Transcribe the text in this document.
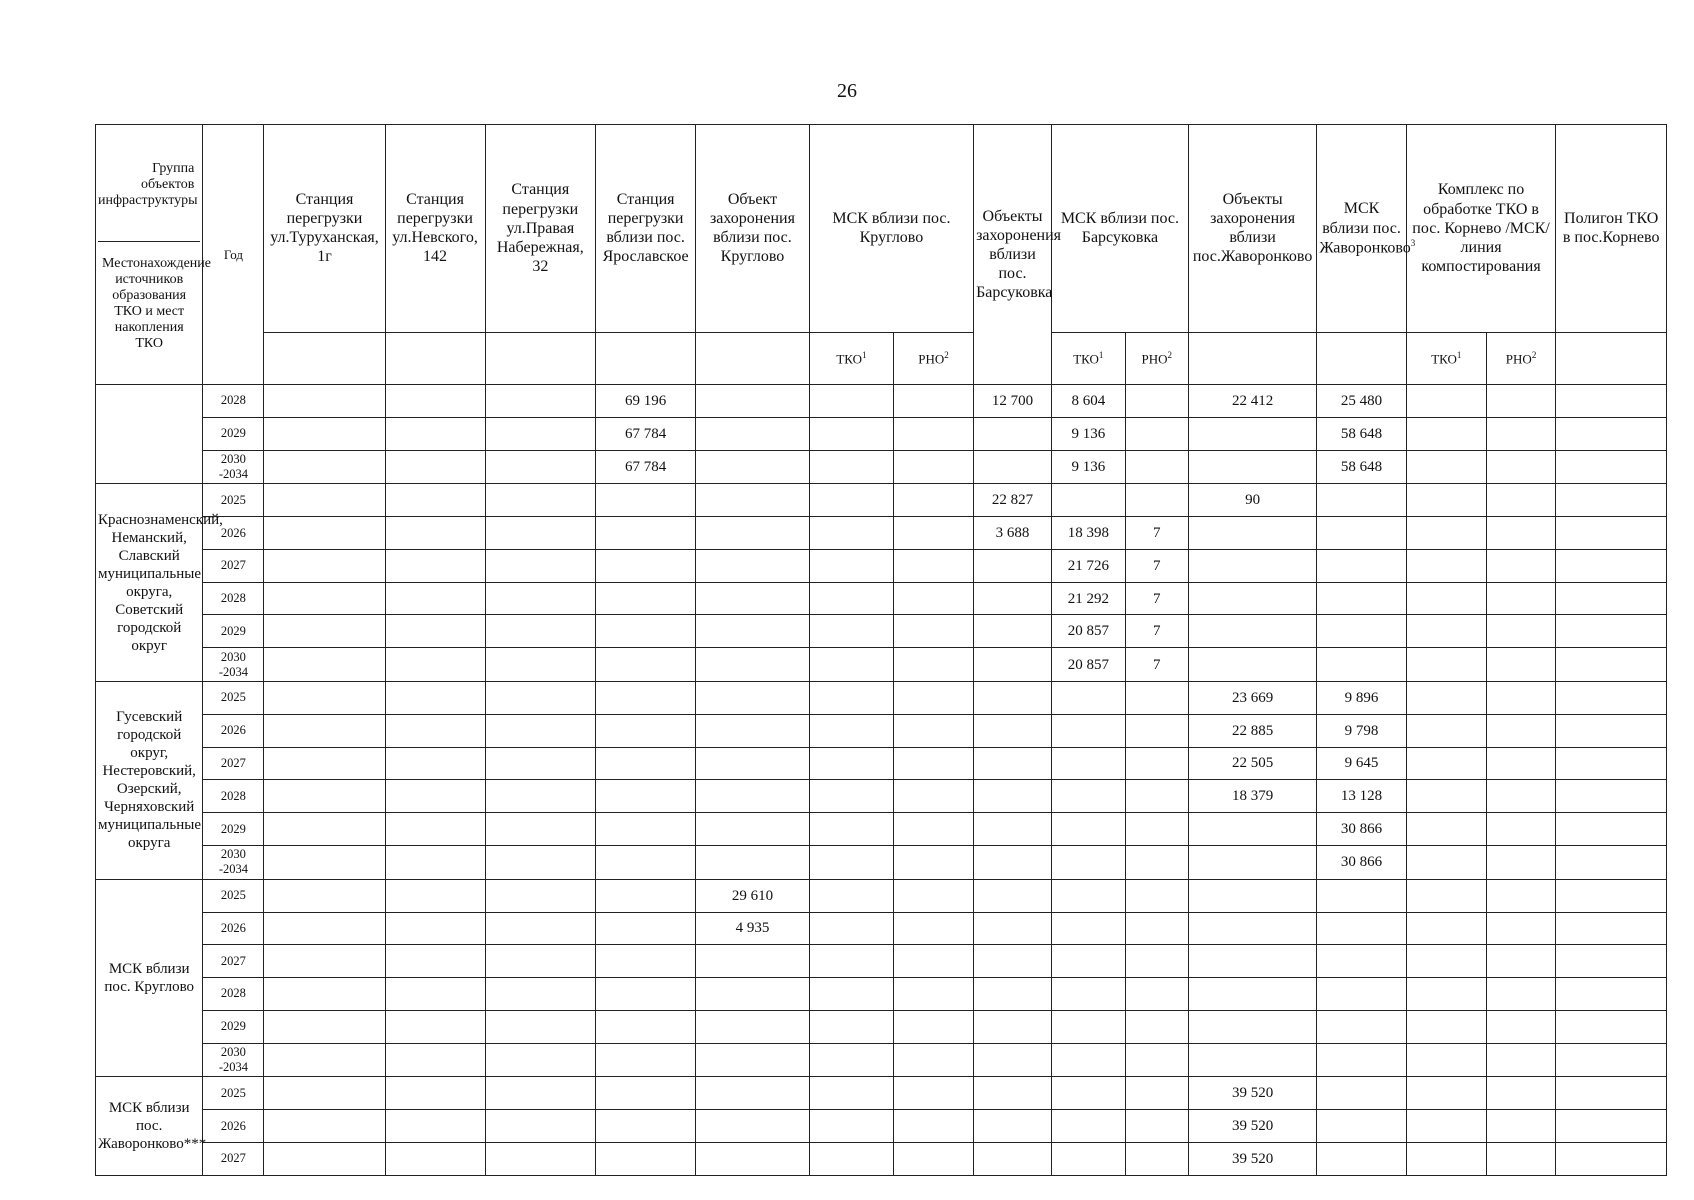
26
Группа объектов инфраструктуры
Местонахождение источников образования ТКО и мест накопления ТКО	Год	Станция перегрузки ул.Туруханская, 1г	Станция перегрузки ул.Невского, 142	Станция перегрузки ул.Правая Набережная, 32	Станция перегрузки вблизи пос. Ярославское	Объект захоронения вблизи пос. Круглово	МСК вблизи пос. Круглово		Объекты захоронения вблизи пос. Барсуковка	МСК вблизи пос. Барсуковка		Объекты захоронения вблизи пос.Жаворонково	МСК вблизи пос. Жаворонково$^3$	Комплекс по обработке ТКО в пос. Корнево /МСК/линия компостирования		Полигон ТКО в пос.Корнево
							ТКО$^1$	РНО$^2$		ТКО$^1$	РНО$^2$			ТКО$^1$	РНО$^2$	
	2028				69 196				12 700	8 604		22 412	25 480			
	2029				67 784					9 136			58 648			
	2030 -2034				67 784					9 136			58 648			
Краснознаменский, Неманский, Славский муниципальные округа, Советский городской округ	2025								22 827			90				
	2026								3 688	18 398	7					
	2027									21 726	7					
	2028									21 292	7					
	2029									20 857	7					
	2030 -2034									20 857	7					
Гусевский городской округ, Нестеровский, Озерский, Черняховский муниципальные округа	2025											23 669	9 896			
	2026											22 885	9 798			
	2027											22 505	9 645			
	2028											18 379	13 128			
	2029												30 866			
	2030 -2034												30 866			
МСК вблизи пос. Круглово	2025					29 610										
	2026					4 935										
	2027															
	2028															
	2029															
	2030 -2034															
МСК вблизи пос. Жаворонково***	2025											39 520				
	2026											39 520				
	2027											39 520				
